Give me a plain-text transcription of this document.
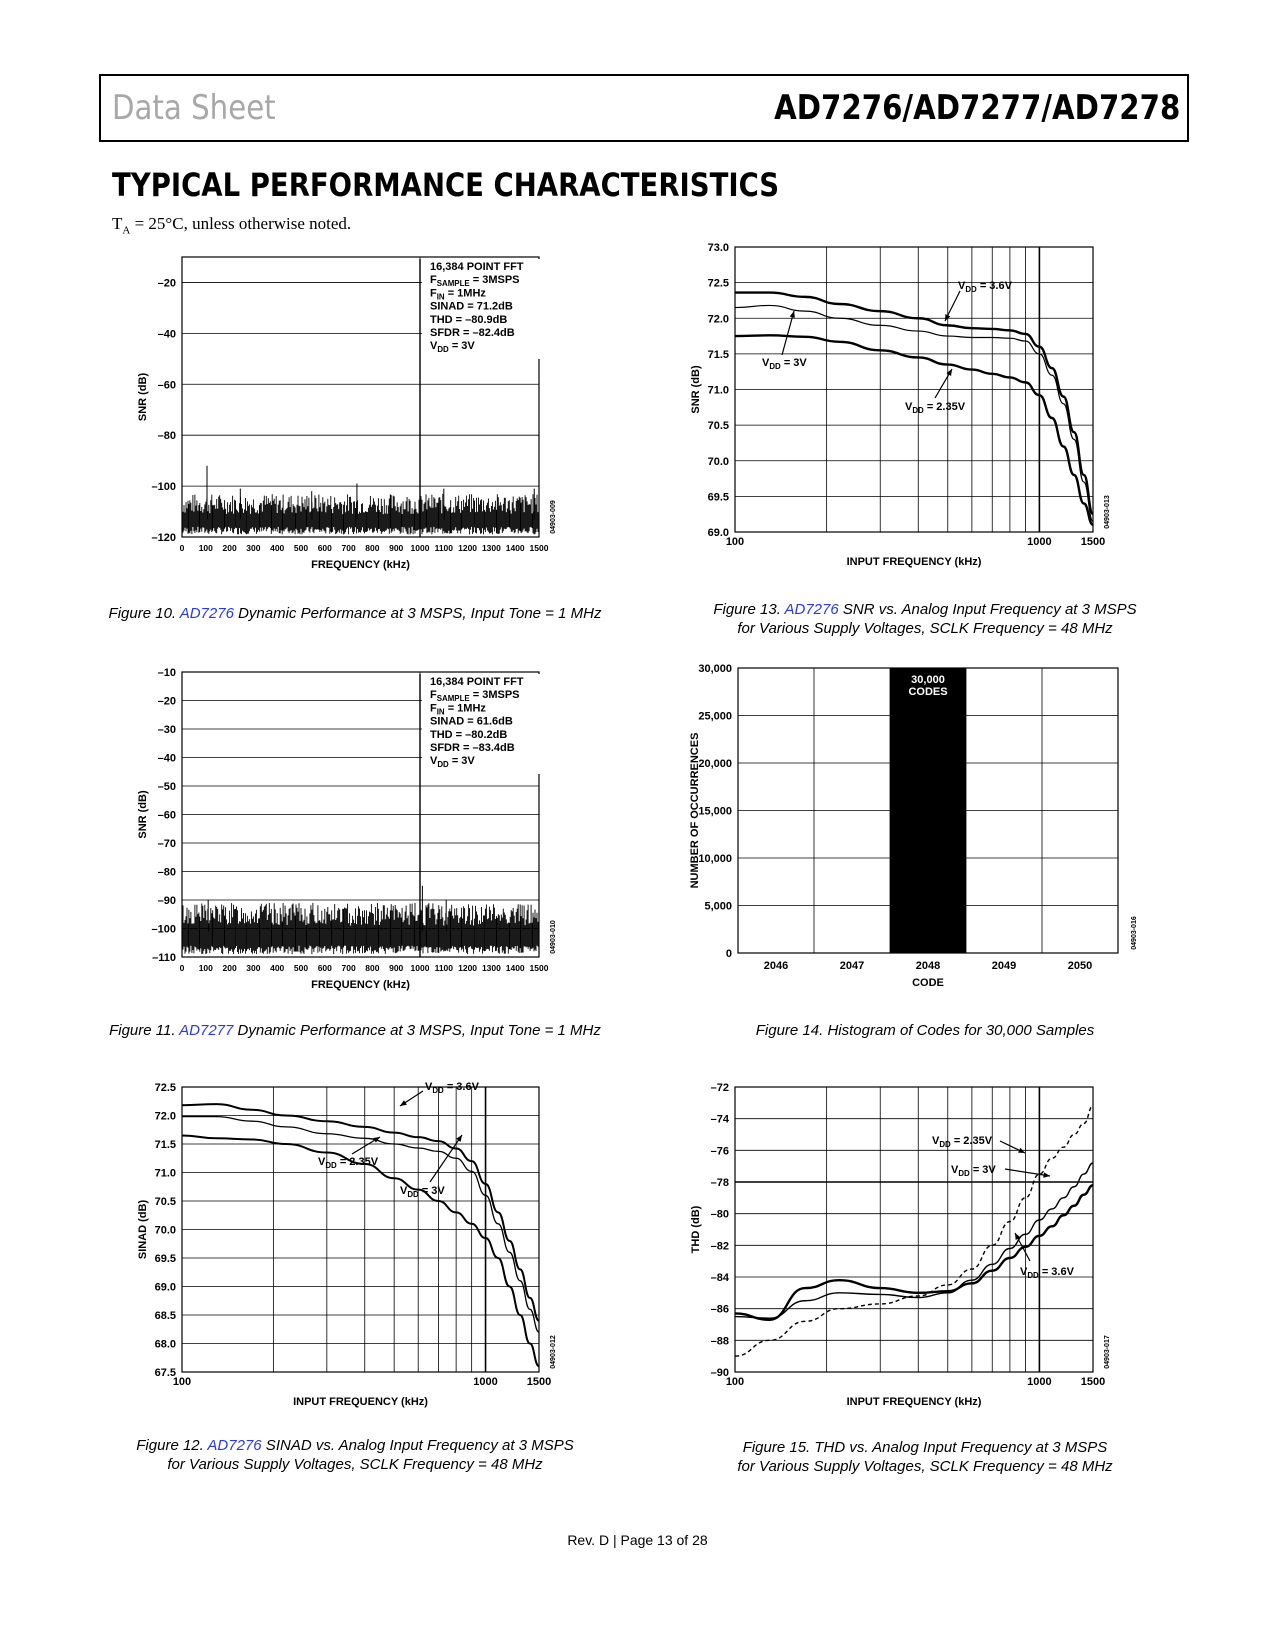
Data Sheet	AD7276/AD7277/AD7278
TYPICAL PERFORMANCE CHARACTERISTICS
$T_A = 25^\circ C$, unless otherwise noted.
–20
–40
–60
–80
–100
–120
0 100 200 300 400 500 600 700 800 900 1000 1100 1200 1300 1400 1500
FREQUENCY (kHz)
SNR (dB)
04903-009
16,384 POINT FFT
$F_{SAMPLE}$ = 3MSPS
$F_{IN} = 1MHz$
SINAD = 71.2dB
THD = –80.9dB
SFDR = –82.4dB
$V_{DD} = 3V$
Figure 10. AD7276 Dynamic Performance at 3 MSPS, Input Tone = 1 MHz
73.0
72.5
72.0
71.5
71.0
70.5
70.0
69.5
69.0
100	1000	1500
INPUT FREQUENCY (kHz)
SNR (dB)
04903-013
$V_{DD} = 3.6V$
$V_{DD} = 3V$
$V_{DD} = 2.35V$
Figure 13. AD7276 SNR vs. Analog Input Frequency at 3 MSPS
for Various Supply Voltages, SCLK Frequency = 48 MHz
–10
–20
–30
–40
–50
–60
–70
–80
–90
–100
–110
0 100 200 300 400 500 600 700 800 900 1000 1100 1200 1300 1400 1500
FREQUENCY (kHz)
SNR (dB)
04903-010
16,384 POINT FFT
$F_{SAMPLE}$ = 3MSPS
$F_{IN} = 1MHz$
SINAD = 61.6dB
THD = –80.2dB
SFDR = –83.4dB
$V_{DD} = 3V$
Figure 11. AD7277 Dynamic Performance at 3 MSPS, Input Tone = 1 MHz
30,000
25,000
20,000
15,000
10,000
5,000
0
2046	2047
30,000
CODES
2048	2049	2050
CODE
NUMBER OF OCCURRENCES
04903-016
Figure 14. Histogram of Codes for 30,000 Samples
72.5
72.0
71.5
71.0
70.5
70.0
69.5
69.0
68.5
68.0
67.5
100	1000	1500
INPUT FREQUENCY (kHz)
SINAD (dB)
04903-012
$V_{DD} = 3.6V$
$V_{DD} = 2.35V$
$V_{DD} = 3V$
Figure 12. AD7276 SINAD vs. Analog Input Frequency at 3 MSPS
for Various Supply Voltages, SCLK Frequency = 48 MHz
–72
–74
–76
–78
–80
–82
–84
–86
–88
–90
100	1000	1500
INPUT FREQUENCY (kHz)
THD (dB)
04903-017
$V_{DD} = 2.35V$
$V_{DD} = 3V$
$V_{DD} = 3.6V$
Figure 15. THD vs. Analog Input Frequency at 3 MSPS
for Various Supply Voltages, SCLK Frequency = 48 MHz
Rev. D | Page 13 of 28
